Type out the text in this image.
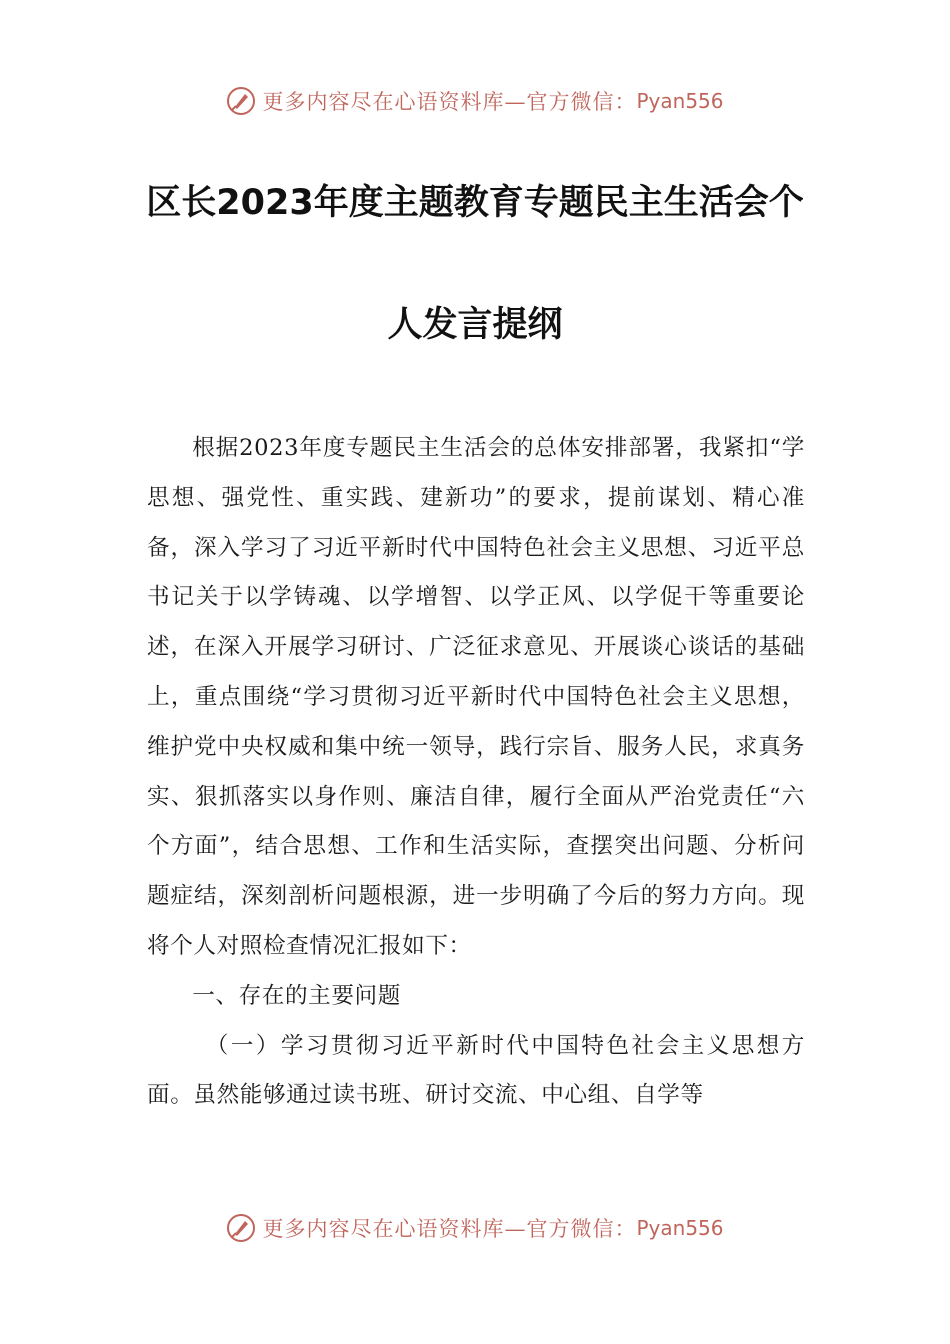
更多内容尽在心语资料库—官方微信： Pyan556
区长2023年度主题教育专题民主生活会个
人发言提纲

根据2023年度专题民主生活会的总体安排部署，我紧扣“学思想、强党性、重实践、建新功”的要求，提前谋划、精心准备，深入学习了习近平新时代中国特色社会主义思想、习近平总书记关于以学铸魂、以学增智、以学正风、以学促干等重要论述，在深入开展学习研讨、广泛征求意见、开展谈心谈话的基础上，重点围绕“学习贯彻习近平新时代中国特色社会主义思想，维护党中央权威和集中统一领导，践行宗旨、服务人民，求真务实、狠抓落实以身作则、廉洁自律，履行全面从严治党责任“六个方面”，结合思想、工作和生活实际，查摆突出问题、分析问题症结，深刻剖析问题根源，进一步明确了今后的努力方向。现将个人对照检查情况汇报如下：

一、存在的主要问题

（一）学习贯彻习近平新时代中国特色社会主义思想方面。虽然能够通过读书班、研讨交流、中心组、自学等

更多内容尽在心语资料库—官方微信： Pyan556
